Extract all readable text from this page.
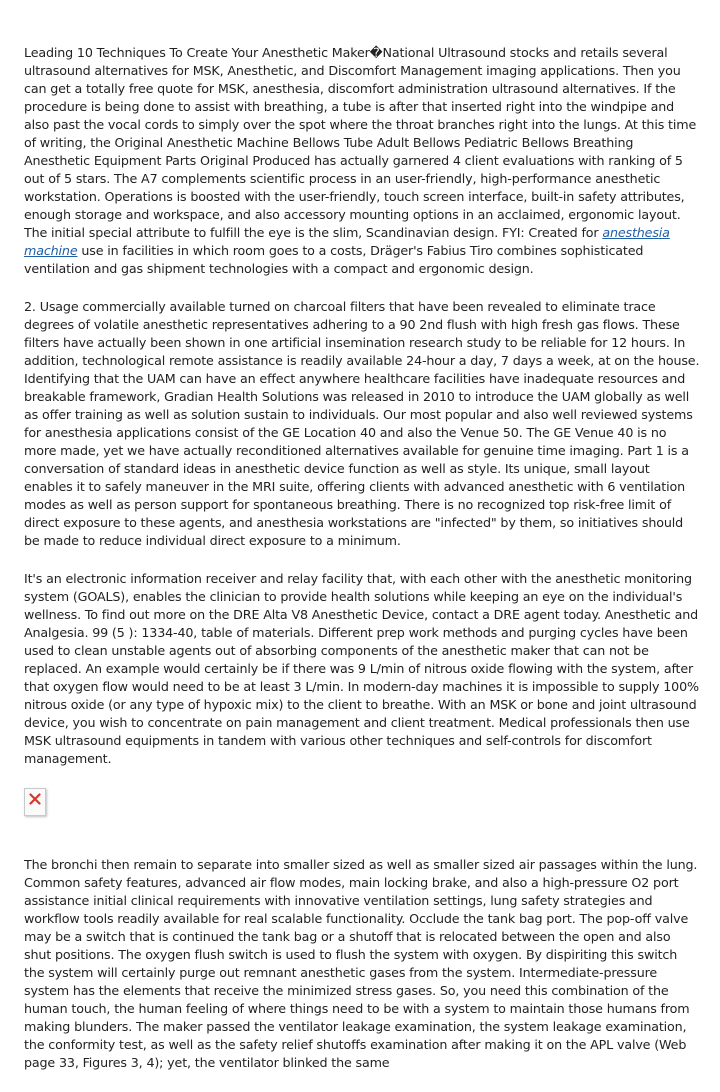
Leading 10 Techniques To Create Your Anesthetic Maker�National Ultrasound stocks and retails several ultrasound alternatives for MSK, Anesthetic, and Discomfort Management imaging applications. Then you can get a totally free quote for MSK, anesthesia, discomfort administration ultrasound alternatives. If the procedure is being done to assist with breathing, a tube is after that inserted right into the windpipe and also past the vocal cords to simply over the spot where the throat branches right into the lungs. At this time of writing, the Original Anesthetic Machine Bellows Tube Adult Bellows Pediatric Bellows Breathing Anesthetic Equipment Parts Original Produced has actually garnered 4 client evaluations with ranking of 5 out of 5 stars. The A7 complements scientific process in an user-friendly, high-performance anesthetic workstation. Operations is boosted with the user-friendly, touch screen interface, built-in safety attributes, enough storage and workspace, and also accessory mounting options in an acclaimed, ergonomic layout. The initial special attribute to fulfill the eye is the slim, Scandinavian design. FYI: Created for anesthesia machine use in facilities in which room goes to a costs, Dräger's Fabius Tiro combines sophisticated ventilation and gas shipment technologies with a compact and ergonomic design.

2. Usage commercially available turned on charcoal filters that have been revealed to eliminate trace degrees of volatile anesthetic representatives adhering to a 90 2nd flush with high fresh gas flows. These filters have actually been shown in one artificial insemination research study to be reliable for 12 hours. In addition, technological remote assistance is readily available 24-hour a day, 7 days a week, at on the house. Identifying that the UAM can have an effect anywhere healthcare facilities have inadequate resources and breakable framework, Gradian Health Solutions was released in 2010 to introduce the UAM globally as well as offer training as well as solution sustain to individuals. Our most popular and also well reviewed systems for anesthesia applications consist of the GE Location 40 and also the Venue 50. The GE Venue 40 is no more made, yet we have actually reconditioned alternatives available for genuine time imaging. Part 1 is a conversation of standard ideas in anesthetic device function as well as style. Its unique, small layout enables it to safely maneuver in the MRI suite, offering clients with advanced anesthetic with 6 ventilation modes as well as person support for spontaneous breathing. There is no recognized top risk-free limit of direct exposure to these agents, and anesthesia workstations are "infected" by them, so initiatives should be made to reduce individual direct exposure to a minimum.

It's an electronic information receiver and relay facility that, with each other with the anesthetic monitoring system (GOALS), enables the clinician to provide health solutions while keeping an eye on the individual's wellness. To find out more on the DRE Alta V8 Anesthetic Device, contact a DRE agent today. Anesthetic and Analgesia. 99 (5 ): 1334-40, table of materials. Different prep work methods and purging cycles have been used to clean unstable agents out of absorbing components of the anesthetic maker that can not be replaced. An example would certainly be if there was 9 L/min of nitrous oxide flowing with the system, after that oxygen flow would need to be at least 3 L/min. In modern-day machines it is impossible to supply 100% nitrous oxide (or any type of hypoxic mix) to the client to breathe. With an MSK or bone and joint ultrasound device, you wish to concentrate on pain management and client treatment. Medical professionals then use MSK ultrasound equipments in tandem with various other techniques and self-controls for discomfort management.

The bronchi then remain to separate into smaller sized as well as smaller sized air passages within the lung. Common safety features, advanced air flow modes, main locking brake, and also a high-pressure O2 port assistance initial clinical requirements with innovative ventilation settings, lung safety strategies and workflow tools readily available for real scalable functionality. Occlude the tank bag port. The pop-off valve may be a switch that is continued the tank bag or a shutoff that is relocated between the open and also shut positions. The oxygen flush switch is used to flush the system with oxygen. By dispiriting this switch the system will certainly purge out remnant anesthetic gases from the system. Intermediate-pressure system has the elements that receive the minimized stress gases. So, you need this combination of the human touch, the human feeling of where things need to be with a system to maintain those humans from making blunders. The maker passed the ventilator leakage examination, the system leakage examination, the conformity test, as well as the safety relief shutoffs examination after making it on the APL valve (Web page 33, Figures 3, 4); yet, the ventilator blinked the same
